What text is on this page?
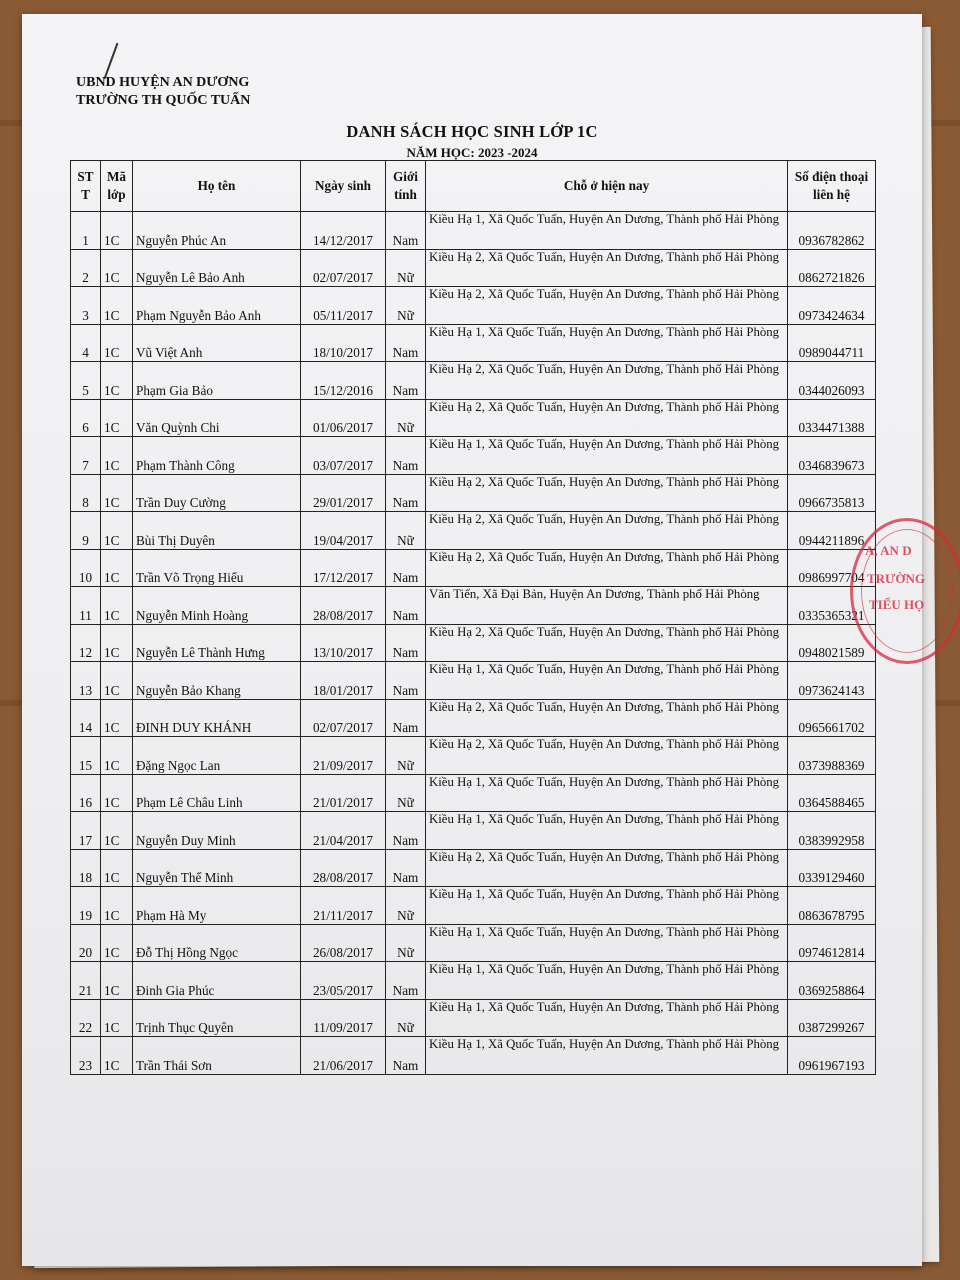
UBND HUYỆN AN DƯƠNG
TRƯỜNG TH QUỐC TUẤN
DANH SÁCH HỌC SINH LỚP 1C
NĂM HỌC: 2023 -2024
ST T	Mã lớp	Họ tên	Ngày sinh	Giới tính	Chỗ ở hiện nay	Số điện thoại liên hệ
1	1C	Nguyễn Phúc An	14/12/2017	Nam	Kiều Hạ 1, Xã Quốc Tuấn, Huyện An Dương, Thành phố Hải Phòng	0936782862
2	1C	Nguyễn Lê Bảo Anh	02/07/2017	Nữ	Kiều Hạ 2, Xã Quốc Tuấn, Huyện An Dương, Thành phố Hải Phòng	0862721826
3	1C	Phạm Nguyễn Bảo Anh	05/11/2017	Nữ	Kiều Hạ 2, Xã Quốc Tuấn, Huyện An Dương, Thành phố Hải Phòng	0973424634
4	1C	Vũ Việt Anh	18/10/2017	Nam	Kiều Hạ 1, Xã Quốc Tuấn, Huyện An Dương, Thành phố Hải Phòng	0989044711
5	1C	Phạm Gia Bảo	15/12/2016	Nam	Kiều Hạ 2, Xã Quốc Tuấn, Huyện An Dương, Thành phố Hải Phòng	0344026093
6	1C	Văn Quỳnh Chi	01/06/2017	Nữ	Kiều Hạ 2, Xã Quốc Tuấn, Huyện An Dương, Thành phố Hải Phòng	0334471388
7	1C	Phạm Thành Công	03/07/2017	Nam	Kiều Hạ 1, Xã Quốc Tuấn, Huyện An Dương, Thành phố Hải Phòng	0346839673
8	1C	Trần Duy Cường	29/01/2017	Nam	Kiều Hạ 2, Xã Quốc Tuấn, Huyện An Dương, Thành phố Hải Phòng	0966735813
9	1C	Bùi Thị Duyên	19/04/2017	Nữ	Kiều Hạ 2, Xã Quốc Tuấn, Huyện An Dương, Thành phố Hải Phòng	0944211896
10	1C	Trần Võ Trọng Hiếu	17/12/2017	Nam	Kiều Hạ 2, Xã Quốc Tuấn, Huyện An Dương, Thành phố Hải Phòng	0986997704
11	1C	Nguyễn Minh Hoàng	28/08/2017	Nam	Văn Tiến, Xã Đại Bản, Huyện An Dương, Thành phố Hải Phòng	0335365321
12	1C	Nguyễn Lê Thành Hưng	13/10/2017	Nam	Kiều Hạ 2, Xã Quốc Tuấn, Huyện An Dương, Thành phố Hải Phòng	0948021589
13	1C	Nguyễn Bảo Khang	18/01/2017	Nam	Kiều Hạ 1, Xã Quốc Tuấn, Huyện An Dương, Thành phố Hải Phòng	0973624143
14	1C	ĐINH DUY KHÁNH	02/07/2017	Nam	Kiều Hạ 2, Xã Quốc Tuấn, Huyện An Dương, Thành phố Hải Phòng	0965661702
15	1C	Đặng Ngọc Lan	21/09/2017	Nữ	Kiều Hạ 2, Xã Quốc Tuấn, Huyện An Dương, Thành phố Hải Phòng	0373988369
16	1C	Phạm Lê Châu Linh	21/01/2017	Nữ	Kiều Hạ 1, Xã Quốc Tuấn, Huyện An Dương, Thành phố Hải Phòng	0364588465
17	1C	Nguyễn Duy Minh	21/04/2017	Nam	Kiều Hạ 1, Xã Quốc Tuấn, Huyện An Dương, Thành phố Hải Phòng	0383992958
18	1C	Nguyễn Thế Minh	28/08/2017	Nam	Kiều Hạ 2, Xã Quốc Tuấn, Huyện An Dương, Thành phố Hải Phòng	0339129460
19	1C	Phạm Hà My	21/11/2017	Nữ	Kiều Hạ 1, Xã Quốc Tuấn, Huyện An Dương, Thành phố Hải Phòng	0863678795
20	1C	Đỗ Thị Hồng Ngọc	26/08/2017	Nữ	Kiều Hạ 1, Xã Quốc Tuấn, Huyện An Dương, Thành phố Hải Phòng	0974612814
21	1C	Đinh Gia Phúc	23/05/2017	Nam	Kiều Hạ 1, Xã Quốc Tuấn, Huyện An Dương, Thành phố Hải Phòng	0369258864
22	1C	Trịnh Thục Quyên	11/09/2017	Nữ	Kiều Hạ 1, Xã Quốc Tuấn, Huyện An Dương, Thành phố Hải Phòng	0387299267
23	1C	Trần Thái Sơn	21/06/2017	Nam	Kiều Hạ 1, Xã Quốc Tuấn, Huyện An Dương, Thành phố Hải Phòng	0961967193
A, AN D
TRƯỜNG
TIỂU HỌ
